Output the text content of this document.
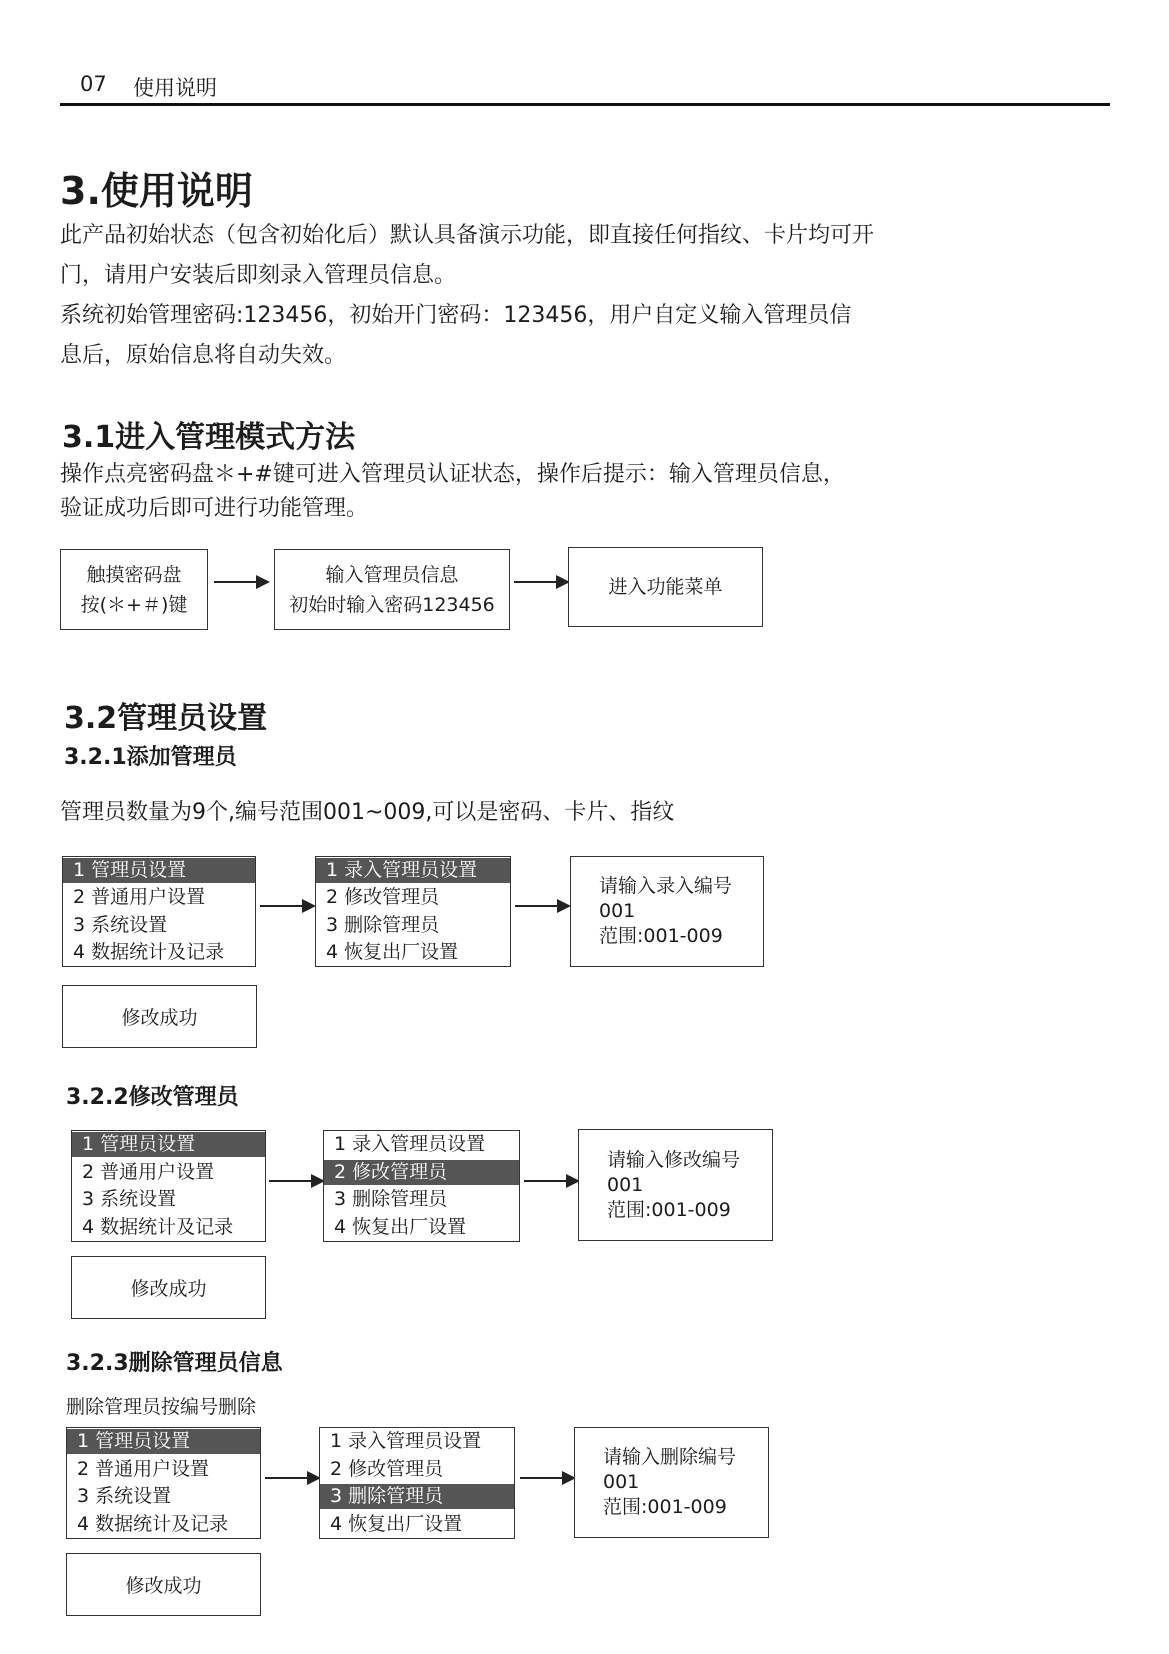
07 使用说明
3.使用说明
此产品初始状态（包含初始化后）默认具备演示功能，即直接任何指纹、卡片均可开
门，请用户安装后即刻录入管理员信息。
系统初始管理密码:123456，初始开门密码：123456，用户自定义输入管理员信
息后，原始信息将自动失效。
3.1进入管理模式方法
操作点亮密码盘＊+#键可进入管理员认证状态，操作后提示：输入管理员信息，
验证成功后即可进行功能管理。
触摸密码盘
按(＊+＃)键
输入管理员信息
初始时输入密码123456
进入功能菜单
3.2管理员设置
3.2.1添加管理员
管理员数量为9个,编号范围001~009,可以是密码、卡片、指纹
1 管理员设置
2 普通用户设置
3 系统设置
4 数据统计及记录
1 录入管理员设置
2 修改管理员
3 删除管理员
4 恢复出厂设置
请输入录入编号
001
范围:001-009
修改成功
3.2.2修改管理员
1 管理员设置
2 普通用户设置
3 系统设置
4 数据统计及记录
1 录入管理员设置
2 修改管理员
3 删除管理员
4 恢复出厂设置
请输入修改编号
001
范围:001-009
修改成功
3.2.3删除管理员信息
删除管理员按编号删除
1 管理员设置
2 普通用户设置
3 系统设置
4 数据统计及记录
1 录入管理员设置
2 修改管理员
3 删除管理员
4 恢复出厂设置
请输入删除编号
001
范围:001-009
修改成功
